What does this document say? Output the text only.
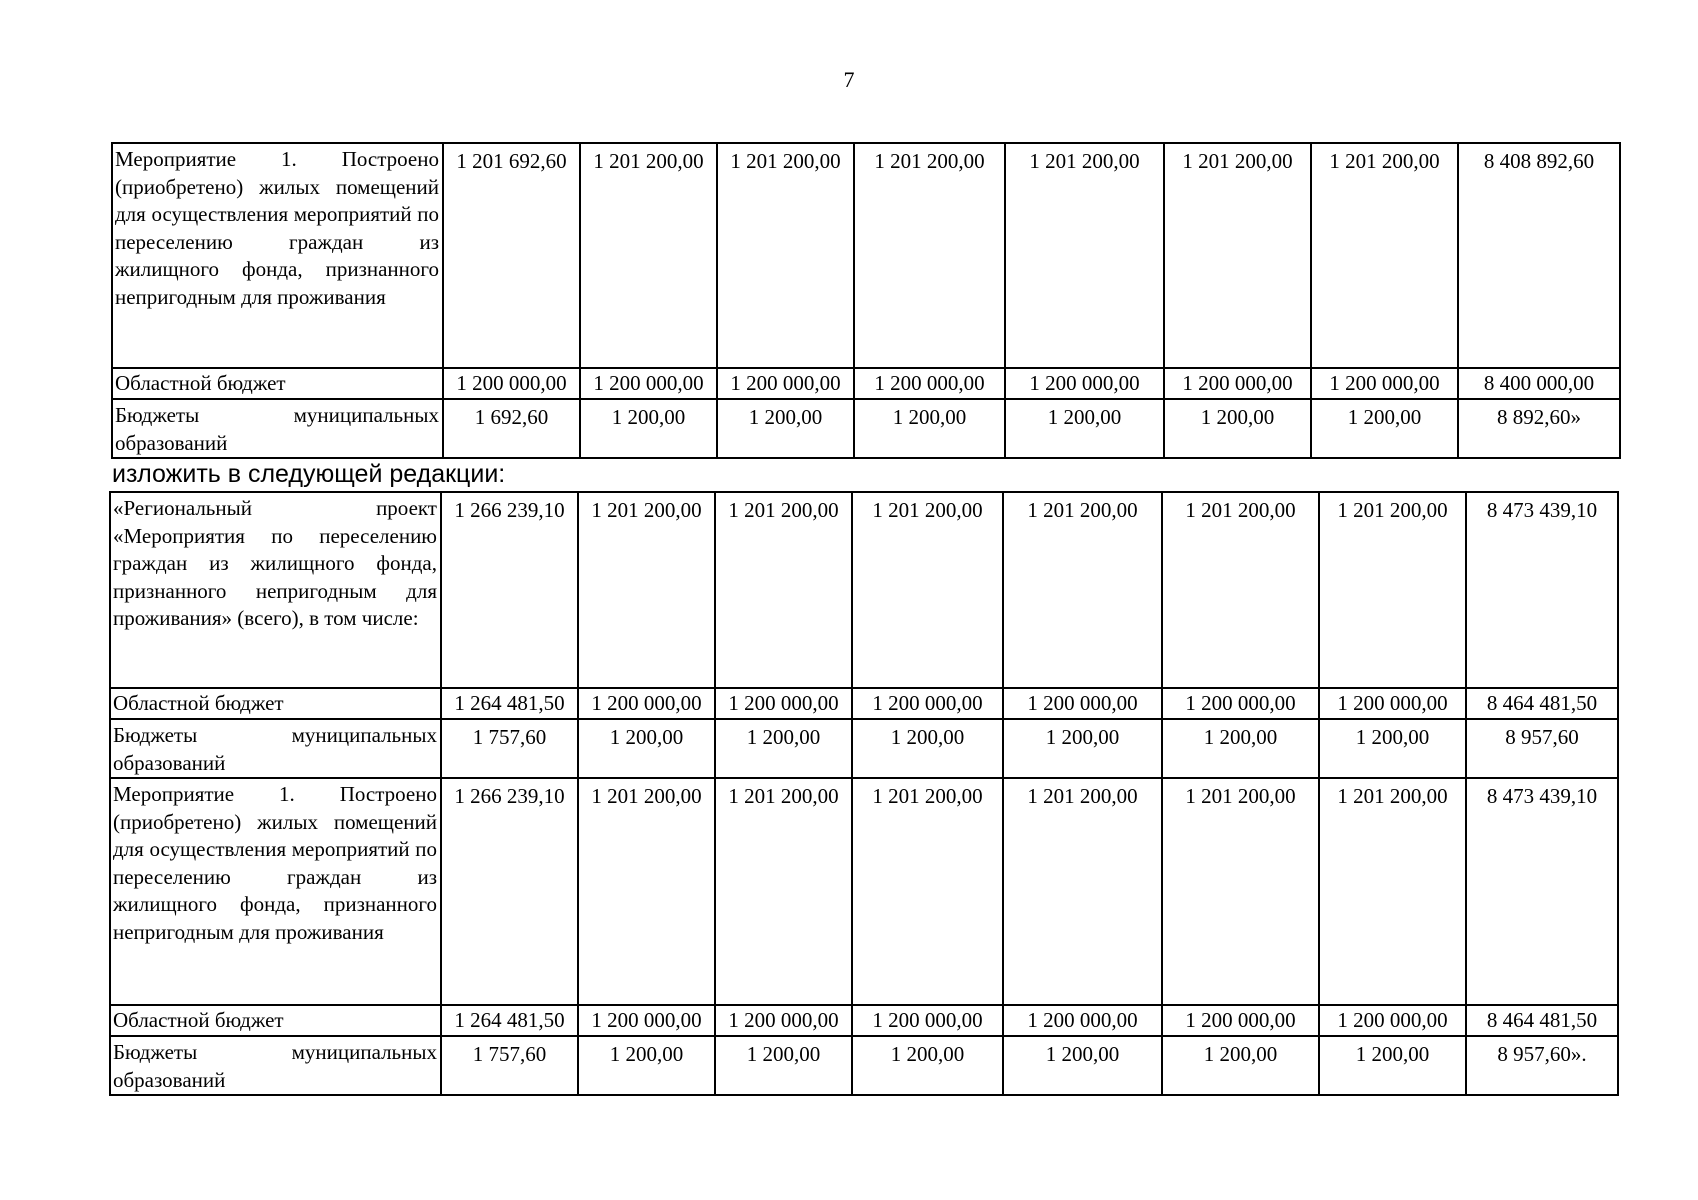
7
Мероприятие 1. Построено (приобретено) жилых помещений для осуществления мероприятий по переселению граждан из жилищного фонда, признанного непригодным для проживания	1 201 692,60	1 201 200,00	1 201 200,00	1 201 200,00	1 201 200,00	1 201 200,00	1 201 200,00	8 408 892,60
Областной бюджет	1 200 000,00	1 200 000,00	1 200 000,00	1 200 000,00	1 200 000,00	1 200 000,00	1 200 000,00	8 400 000,00
Бюджеты муниципальных образований	1 692,60	1 200,00	1 200,00	1 200,00	1 200,00	1 200,00	1 200,00	8 892,60»
изложить в следующей редакции:
«Региональный проект «Мероприятия по переселению граждан из жилищного фонда, признанного непригодным для проживания» (всего), в том числе:	1 266 239,10	1 201 200,00	1 201 200,00	1 201 200,00	1 201 200,00	1 201 200,00	1 201 200,00	8 473 439,10
Областной бюджет	1 264 481,50	1 200 000,00	1 200 000,00	1 200 000,00	1 200 000,00	1 200 000,00	1 200 000,00	8 464 481,50
Бюджеты муниципальных образований	1 757,60	1 200,00	1 200,00	1 200,00	1 200,00	1 200,00	1 200,00	8 957,60
Мероприятие 1. Построено (приобретено) жилых помещений для осуществления мероприятий по переселению граждан из жилищного фонда, признанного непригодным для проживания	1 266 239,10	1 201 200,00	1 201 200,00	1 201 200,00	1 201 200,00	1 201 200,00	1 201 200,00	8 473 439,10
Областной бюджет	1 264 481,50	1 200 000,00	1 200 000,00	1 200 000,00	1 200 000,00	1 200 000,00	1 200 000,00	8 464 481,50
Бюджеты муниципальных образований	1 757,60	1 200,00	1 200,00	1 200,00	1 200,00	1 200,00	1 200,00	8 957,60».
